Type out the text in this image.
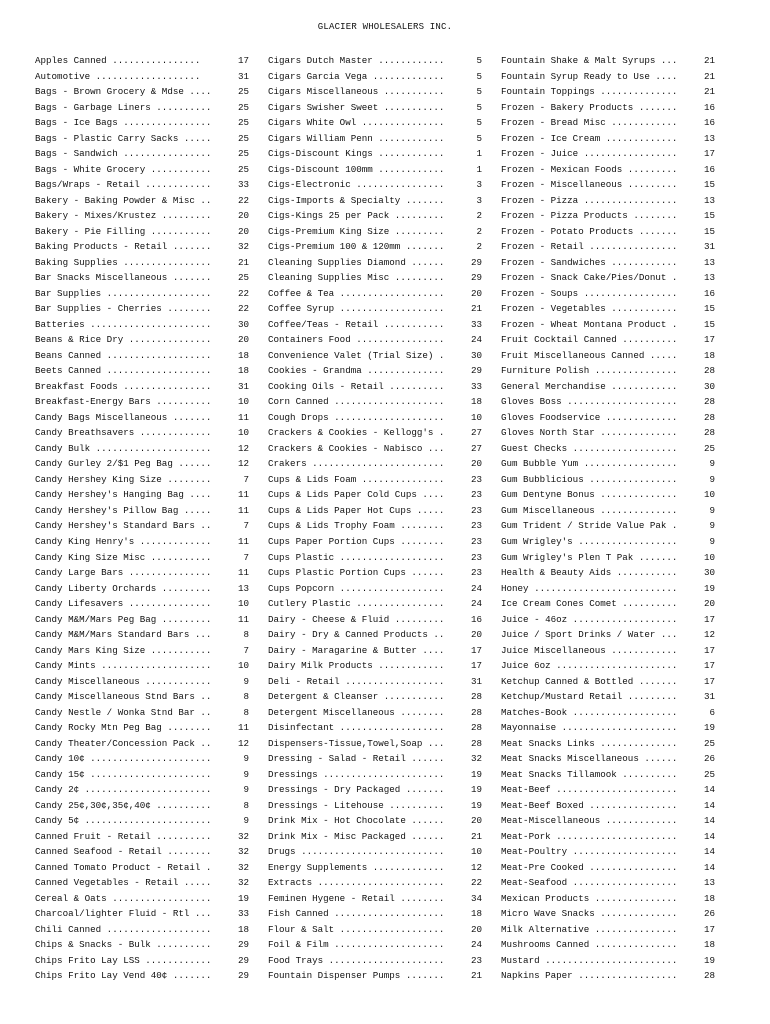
GLACIER WHOLESALERS INC.
Apples Canned ................	17
Automotive ...................	31
Bags - Brown Grocery & Mdse ....	25
Bags - Garbage Liners ..........	25
Bags - Ice Bags ................	25
Bags - Plastic Carry Sacks .....	25
Bags - Sandwich ................	25
Bags - White Grocery ...........	25
Bags/Wraps - Retail ............	33
Bakery - Baking Powder & Misc ..	22
Bakery - Mixes/Krustez .........	20
Bakery - Pie Filling ...........	20
Baking Products - Retail .......	32
Baking Supplies ................	21
Bar Snacks Miscellaneous .......	25
Bar Supplies ...................	22
Bar Supplies - Cherries ........	22
Batteries ......................	30
Beans & Rice Dry ...............	20
Beans Canned ...................	18
Beets Canned ...................	18
Breakfast Foods ................	31
Breakfast-Energy Bars ..........	10
Candy Bags Miscellaneous .......	11
Candy Breathsavers .............	10
Candy Bulk .....................	12
Candy Gurley 2/$1 Peg Bag ......	12
Candy Hershey King Size ........	7
Candy Hershey's Hanging Bag ....	11
Candy Hershey's Pillow Bag .....	11
Candy Hershey's Standard Bars ..	7
Candy King Henry's .............	11
Candy King Size Misc ...........	7
Candy Large Bars ...............	11
Candy Liberty Orchards .........	13
Candy Lifesavers ...............	10
Candy M&M/Mars Peg Bag .........	11
Candy M&M/Mars Standard Bars ...	8
Candy Mars King Size ...........	7
Candy Mints ....................	10
Candy Miscellaneous ............	9
Candy Miscellaneous Stnd Bars ..	8
Candy Nestle / Wonka Stnd Bar ..	8
Candy Rocky Mtn Peg Bag ........	11
Candy Theater/Concession Pack ..	12
Candy 10¢ ......................	9
Candy 15¢ ......................	9
Candy 2¢ .......................	9
Candy 25¢,30¢,35¢,40¢ ..........	8
Candy 5¢ .......................	9
Canned Fruit - Retail ..........	32
Canned Seafood - Retail ........	32
Canned Tomato Product - Retail .	32
Canned Vegetables - Retail .....	32
Cereal & Oats ..................	19
Charcoal/lighter Fluid - Rtl ...	33
Chili Canned ...................	18
Chips & Snacks - Bulk ..........	29
Chips Frito Lay LSS ............	29
Chips Frito Lay Vend 40¢ .......	29
Cigars Dutch Master ............	5
Cigars Garcia Vega .............	5
Cigars Miscellaneous ...........	5
Cigars Swisher Sweet ...........	5
Cigars White Owl ...............	5
Cigars William Penn ............	5
Cigs-Discount Kings ............	1
Cigs-Discount 100mm ............	1
Cigs-Electronic ................	3
Cigs-Imports & Specialty .......	3
Cigs-Kings 25 per Pack .........	2
Cigs-Premium King Size .........	2
Cigs-Premium 100 & 120mm .......	2
Cleaning Supplies Diamond ......	29
Cleaning Supplies Misc .........	29
Coffee & Tea ...................	20
Coffee Syrup ...................	21
Coffee/Teas - Retail ...........	33
Containers Food ................	24
Convenience Valet (Trial Size) .	30
Cookies - Grandma ..............	29
Cooking Oils - Retail ..........	33
Corn Canned ....................	18
Cough Drops ....................	10
Crackers & Cookies - Kellogg's .	27
Crackers & Cookies - Nabisco ...	27
Crakers ........................	20
Cups & Lids Foam ...............	23
Cups & Lids Paper Cold Cups ....	23
Cups & Lids Paper Hot Cups .....	23
Cups & Lids Trophy Foam ........	23
Cups Paper Portion Cups ........	23
Cups Plastic ...................	23
Cups Plastic Portion Cups ......	23
Cups Popcorn ...................	24
Cutlery Plastic ................	24
Dairy - Cheese & Fluid .........	16
Dairy - Dry & Canned Products ..	20
Dairy - Maragarine & Butter ....	17
Dairy Milk Products ............	17
Deli - Retail ..................	31
Detergent & Cleanser ...........	28
Detergent Miscellaneous ........	28
Disinfectant ...................	28
Dispensers-Tissue,Towel,Soap ...	28
Dressing - Salad - Retail ......	32
Dressings ......................	19
Dressings - Dry Packaged .......	19
Dressings - Litehouse ..........	19
Drink Mix - Hot Chocolate ......	20
Drink Mix - Misc Packaged ......	21
Drugs ..........................	10
Energy Supplements .............	12
Extracts .......................	22
Feminen Hygene - Retail ........	34
Fish Canned ....................	18
Flour & Salt ...................	20
Foil & Film ....................	24
Food Trays .....................	23
Fountain Dispenser Pumps .......	21
Fountain Shake & Malt Syrups ...	21
Fountain Syrup Ready to Use ....	21
Fountain Toppings ..............	21
Frozen - Bakery Products .......	16
Frozen - Bread Misc ............	16
Frozen - Ice Cream .............	13
Frozen - Juice .................	17
Frozen - Mexican Foods .........	16
Frozen - Miscellaneous .........	15
Frozen - Pizza .................	13
Frozen - Pizza Products ........	15
Frozen - Potato Products .......	15
Frozen - Retail ................	31
Frozen - Sandwiches ............	13
Frozen - Snack Cake/Pies/Donut .	13
Frozen - Soups .................	16
Frozen - Vegetables ............	15
Frozen - Wheat Montana Product .	15
Fruit Cocktail Canned ..........	17
Fruit Miscellaneous Canned .....	18
Furniture Polish ...............	28
General Merchandise ............	30
Gloves Boss ....................	28
Gloves Foodservice .............	28
Gloves North Star ..............	28
Guest Checks ...................	25
Gum Bubble Yum .................	9
Gum Bubblicious ................	9
Gum Dentyne Bonus ..............	10
Gum Miscellaneous ..............	9
Gum Trident / Stride Value Pak .	9
Gum Wrigley's ..................	9
Gum Wrigley's Plen T Pak .......	10
Health & Beauty Aids ...........	30
Honey ..........................	19
Ice Cream Cones Comet ..........	20
Juice - 46oz ...................	17
Juice / Sport Drinks / Water ...	12
Juice Miscellaneous ............	17
Juice 6oz ......................	17
Ketchup Canned & Bottled .......	17
Ketchup/Mustard Retail .........	31
Matches-Book ...................	6
Mayonnaise .....................	19
Meat Snacks Links ..............	25
Meat Snacks Miscellaneous ......	26
Meat Snacks Tillamook ..........	25
Meat-Beef ......................	14
Meat-Beef Boxed ................	14
Meat-Miscellaneous .............	14
Meat-Pork ......................	14
Meat-Poultry ...................	14
Meat-Pre Cooked ................	14
Meat-Seafood ...................	13
Mexican Products ...............	18
Micro Wave Snacks ..............	26
Milk Alternative ...............	17
Mushrooms Canned ...............	18
Mustard ........................	19
Napkins Paper ..................	28
